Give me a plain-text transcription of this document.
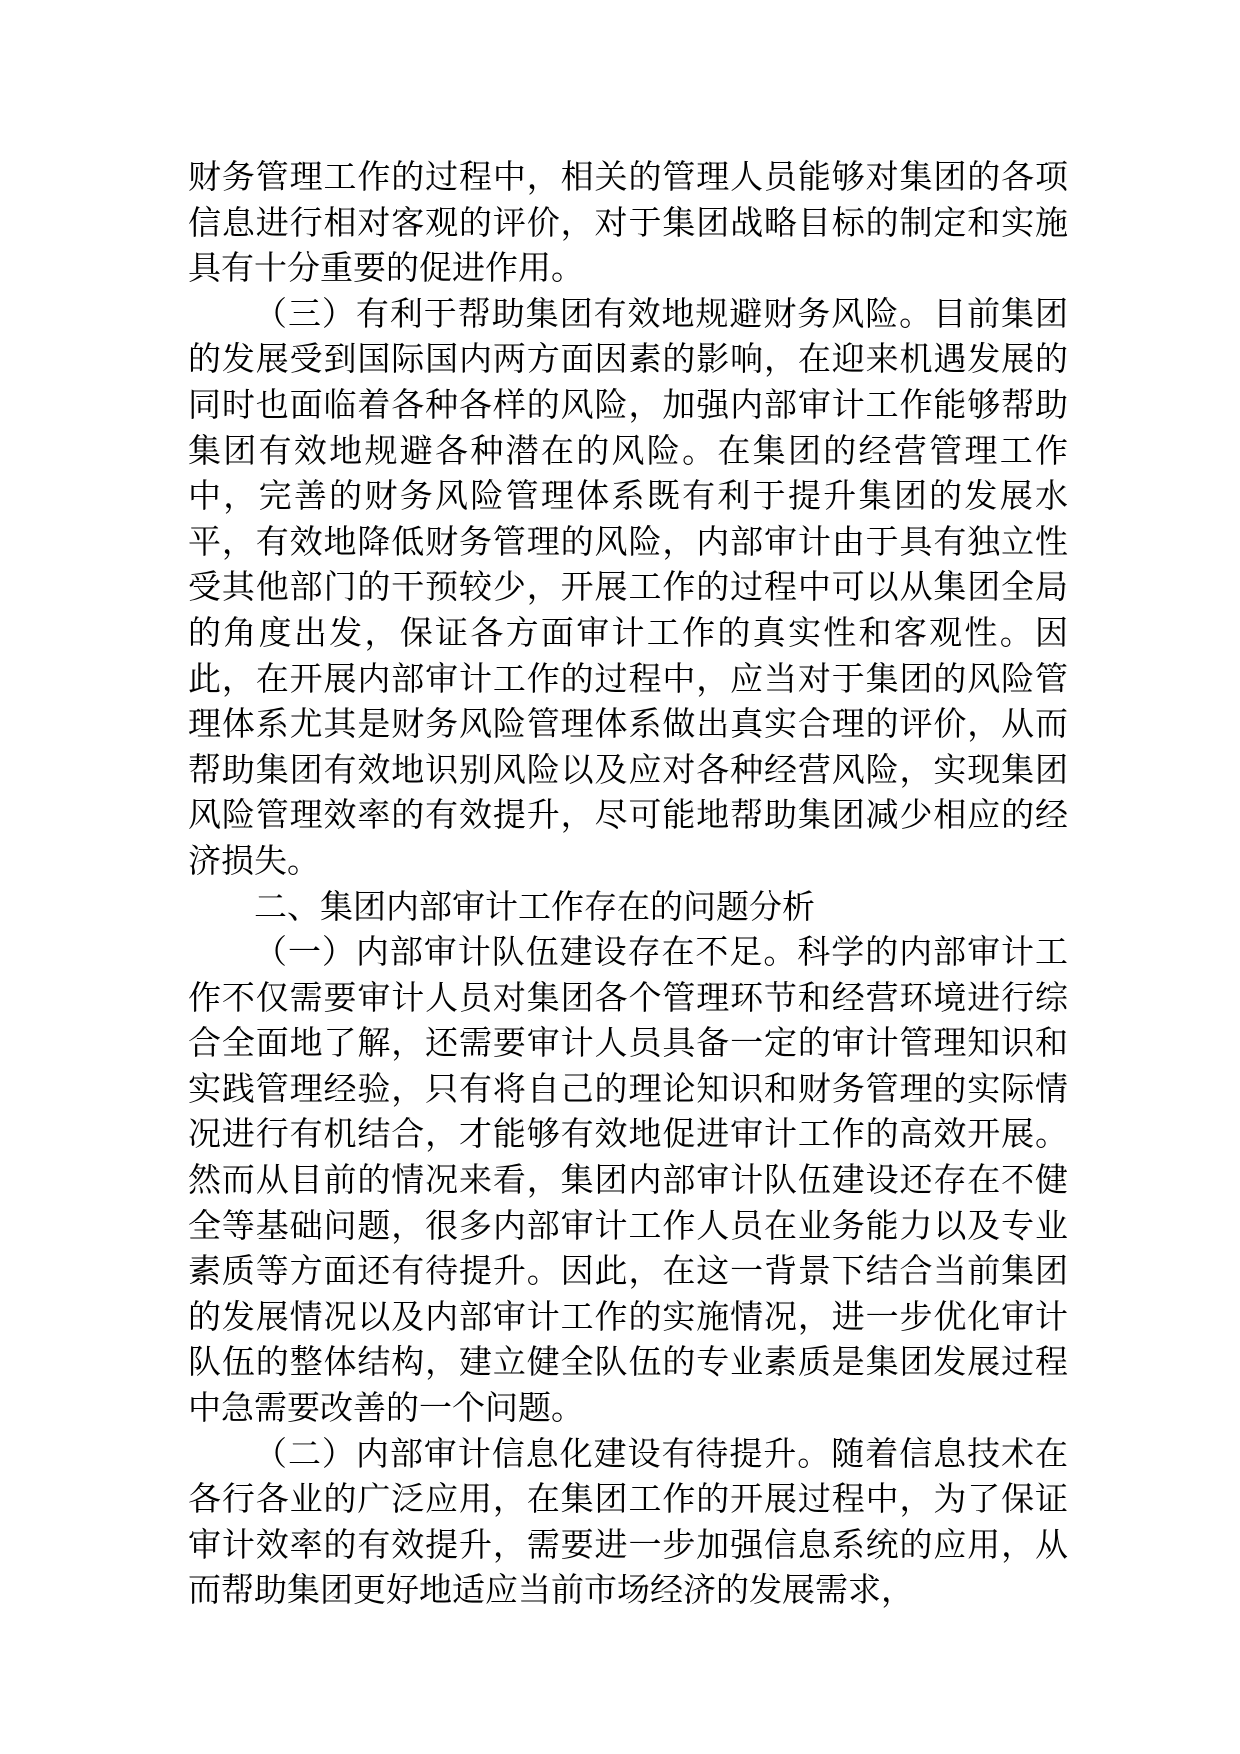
财务管理工作的过程中，相关的管理人员能够对集团的各项信息进行相对客观的评价，对于集团战略目标的制定和实施具有十分重要的促进作用。

（三）有利于帮助集团有效地规避财务风险。目前集团的发展受到国际国内两方面因素的影响，在迎来机遇发展的同时也面临着各种各样的风险，加强内部审计工作能够帮助集团有效地规避各种潜在的风险。在集团的经营管理工作中，完善的财务风险管理体系既有利于提升集团的发展水平，有效地降低财务管理的风险，内部审计由于具有独立性受其他部门的干预较少，开展工作的过程中可以从集团全局的角度出发，保证各方面审计工作的真实性和客观性。因此，在开展内部审计工作的过程中，应当对于集团的风险管理体系尤其是财务风险管理体系做出真实合理的评价，从而帮助集团有效地识别风险以及应对各种经营风险，实现集团风险管理效率的有效提升，尽可能地帮助集团减少相应的经济损失。

二、集团内部审计工作存在的问题分析

（一）内部审计队伍建设存在不足。科学的内部审计工作不仅需要审计人员对集团各个管理环节和经营环境进行综合全面地了解，还需要审计人员具备一定的审计管理知识和实践管理经验，只有将自己的理论知识和财务管理的实际情况进行有机结合，才能够有效地促进审计工作的高效开展。然而从目前的情况来看，集团内部审计队伍建设还存在不健全等基础问题，很多内部审计工作人员在业务能力以及专业素质等方面还有待提升。因此，在这一背景下结合当前集团的发展情况以及内部审计工作的实施情况，进一步优化审计队伍的整体结构，建立健全队伍的专业素质是集团发展过程中急需要改善的一个问题。

（二）内部审计信息化建设有待提升。随着信息技术在各行各业的广泛应用，在集团工作的开展过程中，为了保证审计效率的有效提升，需要进一步加强信息系统的应用，从而帮助集团更好地适应当前市场经济的发展需求，
